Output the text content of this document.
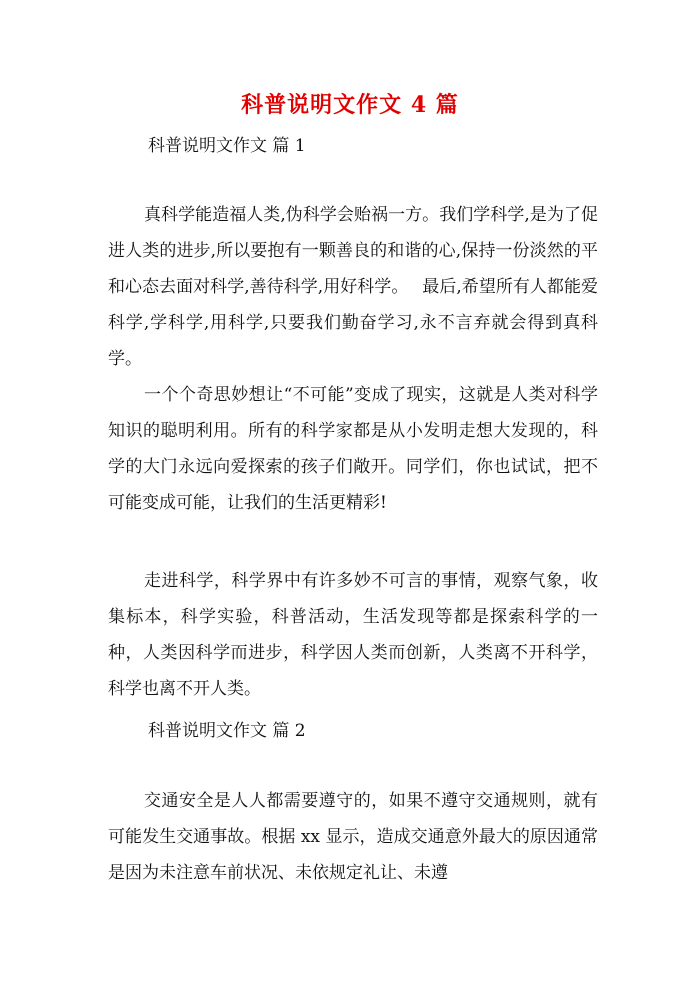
科普说明文作文 4 篇
科普说明文作文 篇 1
真科学能造福人类,伪科学会贻祸一方。我们学科学,是为了促进人类的进步,所以要抱有一颗善良的和谐的心,保持一份淡然的平和心态去面对科学,善待科学,用好科学。　 最后,希望所有人都能爱科学,学科学,用科学,只要我们勤奋学习,永不言弃就会得到真科学。
一个个奇思妙想让“不可能”变成了现实，这就是人类对科学知识的聪明利用。所有的科学家都是从小发明走想大发现的，科学的大门永远向爱探索的孩子们敞开。同学们，你也试试，把不可能变成可能，让我们的生活更精彩!
走进科学，科学界中有许多妙不可言的事情，观察气象，收集标本，科学实验，科普活动，生活发现等都是探索科学的一种，人类因科学而进步，科学因人类而创新，人类离不开科学，科学也离不开人类。
科普说明文作文 篇 2
交通安全是人人都需要遵守的，如果不遵守交通规则，就有可能发生交通事故。根据 xx 显示，造成交通意外最大的原因通常是因为未注意车前状况、未依规定礼让、未遵
